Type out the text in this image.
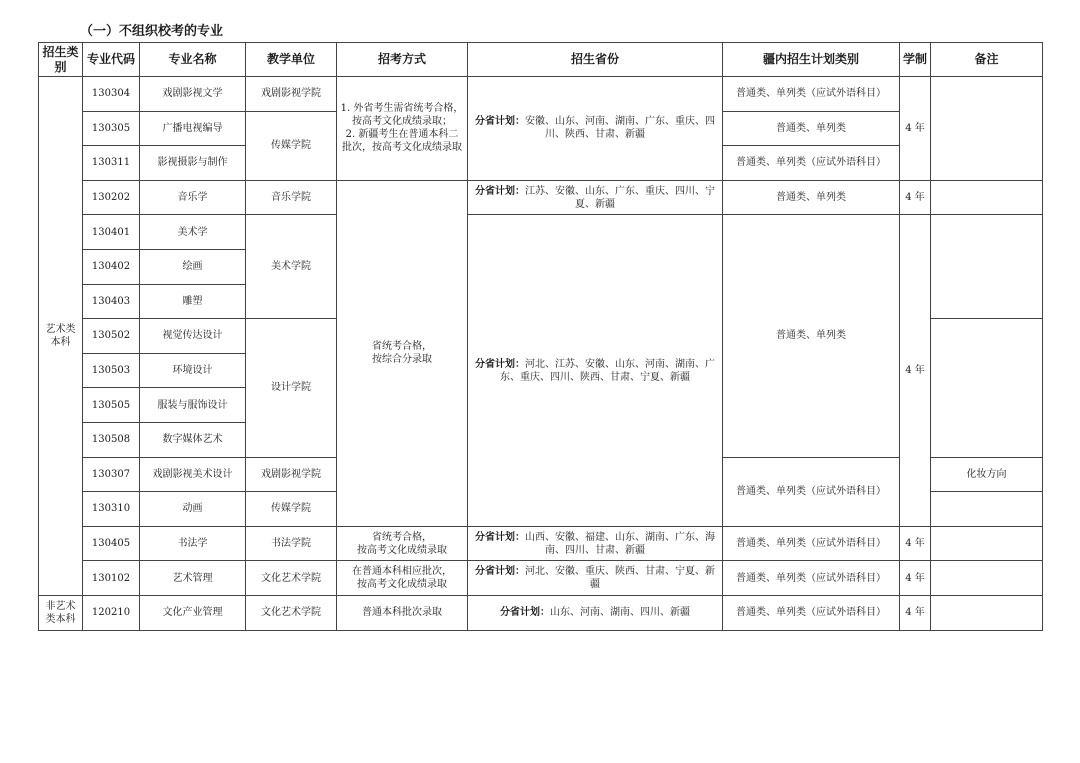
（一）不组织校考的专业
招生类别	专业代码	专业名称	教学单位	招考方式	招生省份	疆内招生计划类别	学制	备注
艺术类本科	130304	戏剧影视文学	戏剧影视学院	1. 外省考生需省统考合格，
按高考文化成绩录取；
2. 新疆考生在普通本科二
批次，按高考文化成绩录取	分省计划：安徽、山东、河南、湖南、广东、重庆、四川、陕西、甘肃、新疆	普通类、单列类（应试外语科目）	4 年	
	130305	广播电视编导	传媒学院			普通类、单列类		
	130311	影视摄影与制作				普通类、单列类（应试外语科目）		
	130202	音乐学	音乐学院	省统考合格，
按综合分录取	分省计划：江苏、安徽、山东、广东、重庆、四川、宁夏、新疆	普通类、单列类	4 年	
	130401	美术学	美术学院		分省计划：河北、江苏、安徽、山东、河南、湖南、广东、重庆、四川、陕西、甘肃、宁夏、新疆	普通类、单列类	4 年	
	130402	绘画						
	130403	雕塑						
	130502	视觉传达设计	设计学院					
	130503	环境设计						
	130505	服装与服饰设计						
	130508	数字媒体艺术						
	130307	戏剧影视美术设计	戏剧影视学院			普通类、单列类（应试外语科目）		化妆方向
	130310	动画	传媒学院					
	130405	书法学	书法学院	省统考合格，
按高考文化成绩录取	分省计划：山西、安徽、福建、山东、湖南、广东、海南、四川、甘肃、新疆	普通类、单列类（应试外语科目）	4 年	
	130102	艺术管理	文化艺术学院	在普通本科相应批次，
按高考文化成绩录取	分省计划：河北、安徽、重庆、陕西、甘肃、宁夏、新疆	普通类、单列类（应试外语科目）	4 年	
非艺术类本科	120210	文化产业管理	文化艺术学院	普通本科批次录取	分省计划：山东、河南、湖南、四川、新疆	普通类、单列类（应试外语科目）	4 年	
